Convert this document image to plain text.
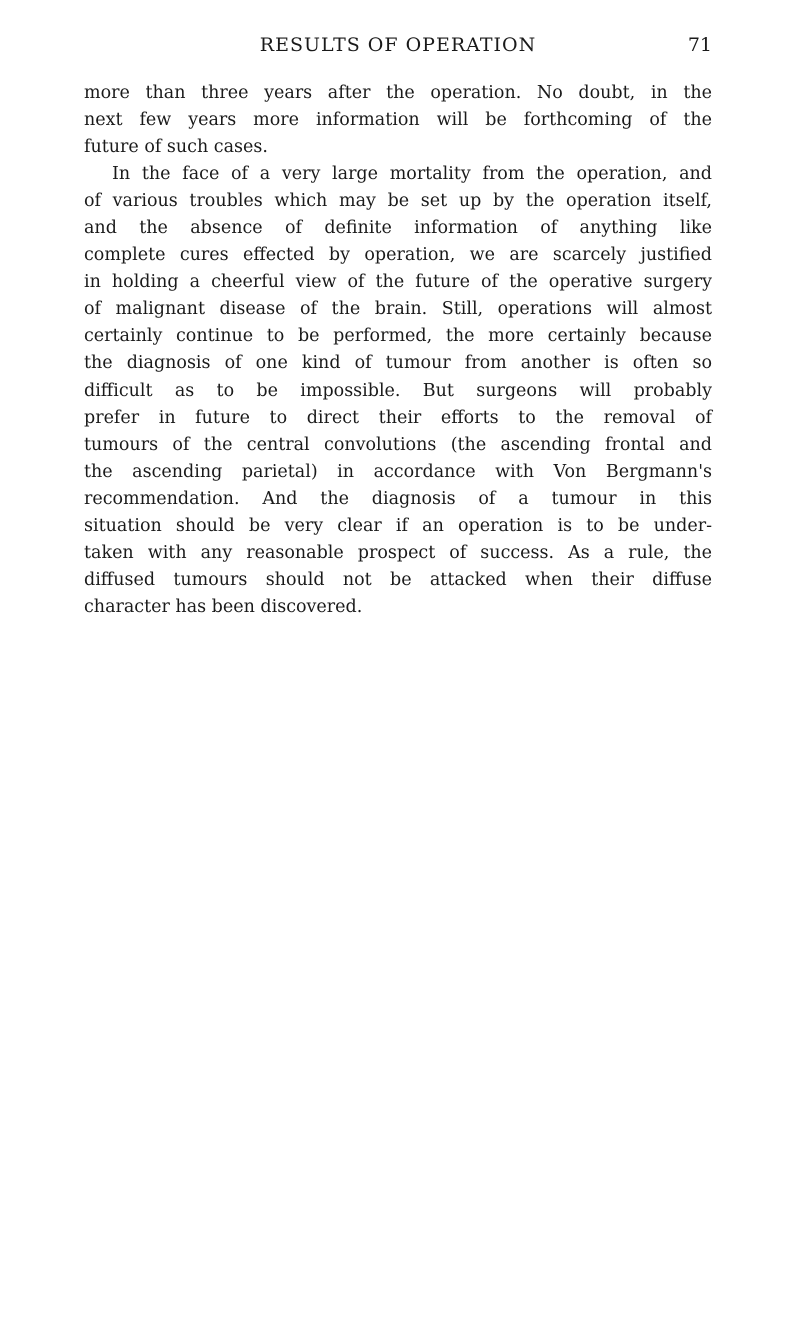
RESULTS OF OPERATION	71
more than three years after the operation. No doubt, in the
next few years more information will be forthcoming of the
future of such cases.
In the face of a very large mortality from the operation, and
of various troubles which may be set up by the operation itself,
and the absence of definite information of anything like
complete cures effected by operation, we are scarcely justified
in holding a cheerful view of the future of the operative surgery
of malignant disease of the brain. Still, operations will almost
certainly continue to be performed, the more certainly because
the diagnosis of one kind of tumour from another is often so
difficult as to be impossible. But surgeons will probably
prefer in future to direct their efforts to the removal of
tumours of the central convolutions (the ascending frontal and
the ascending parietal) in accordance with Von Bergmann's
recommendation. And the diagnosis of a tumour in this
situation should be very clear if an operation is to be under-
taken with any reasonable prospect of success. As a rule, the
diffused tumours should not be attacked when their diffuse
character has been discovered.
